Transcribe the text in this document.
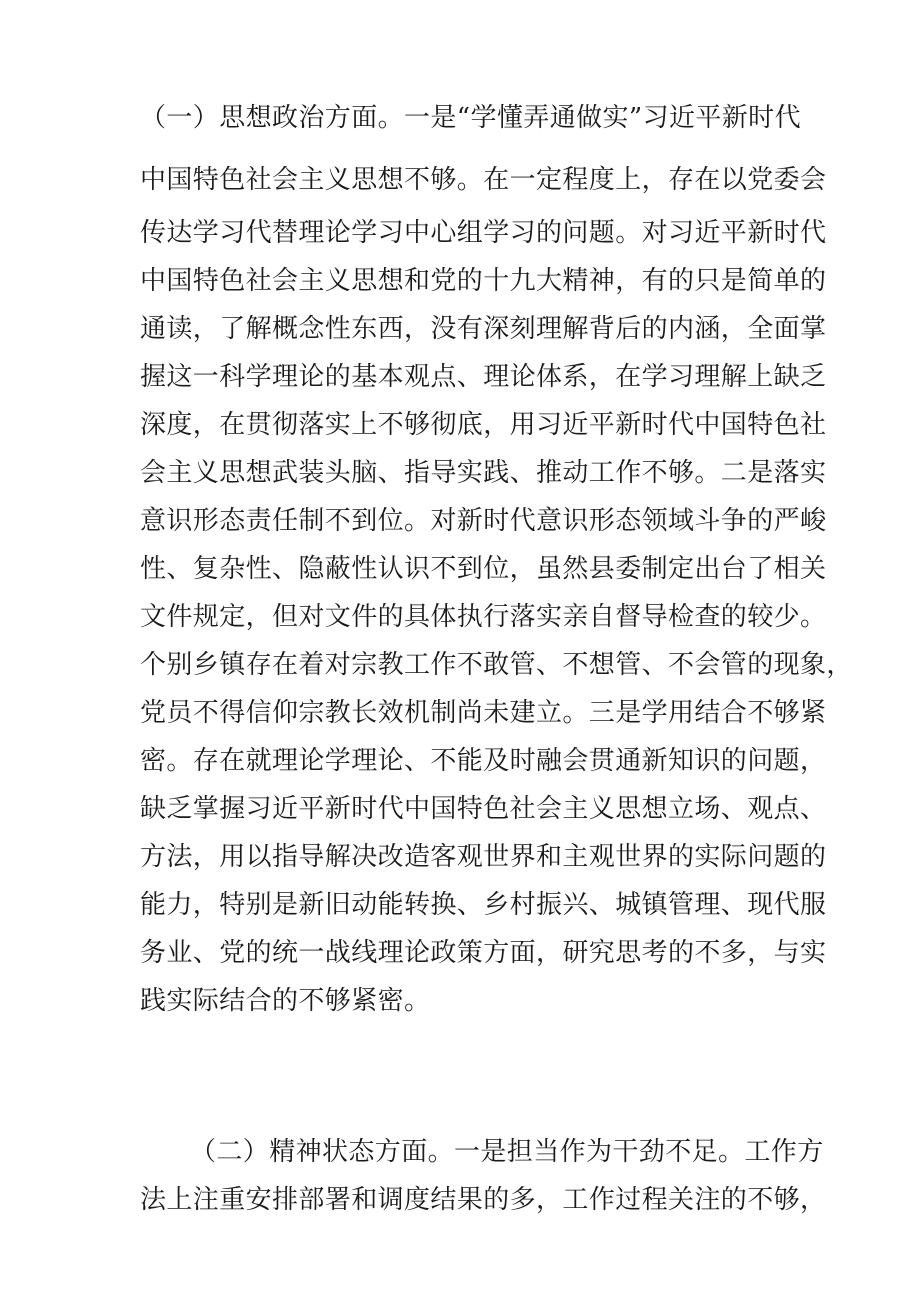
（一）思想政治方面。一是“学懂弄通做实”习近平新时代
中国特色社会主义思想不够。在一定程度上，存在以党委会
传达学习代替理论学习中心组学习的问题。对习近平新时代
中国特色社会主义思想和党的十九大精神，有的只是简单的
通读，了解概念性东西，没有深刻理解背后的内涵，全面掌
握这一科学理论的基本观点、理论体系，在学习理解上缺乏
深度，在贯彻落实上不够彻底，用习近平新时代中国特色社
会主义思想武装头脑、指导实践、推动工作不够。二是落实
意识形态责任制不到位。对新时代意识形态领域斗争的严峻
性、复杂性、隐蔽性认识不到位，虽然县委制定出台了相关
文件规定，但对文件的具体执行落实亲自督导检查的较少。
个别乡镇存在着对宗教工作不敢管、不想管、不会管的现象，
党员不得信仰宗教长效机制尚未建立。三是学用结合不够紧
密。存在就理论学理论、不能及时融会贯通新知识的问题，
缺乏掌握习近平新时代中国特色社会主义思想立场、观点、
方法，用以指导解决改造客观世界和主观世界的实际问题的
能力，特别是新旧动能转换、乡村振兴、城镇管理、现代服
务业、党的统一战线理论政策方面，研究思考的不多，与实
践实际结合的不够紧密。
（二）精神状态方面。一是担当作为干劲不足。工作方
法上注重安排部署和调度结果的多，工作过程关注的不够，
